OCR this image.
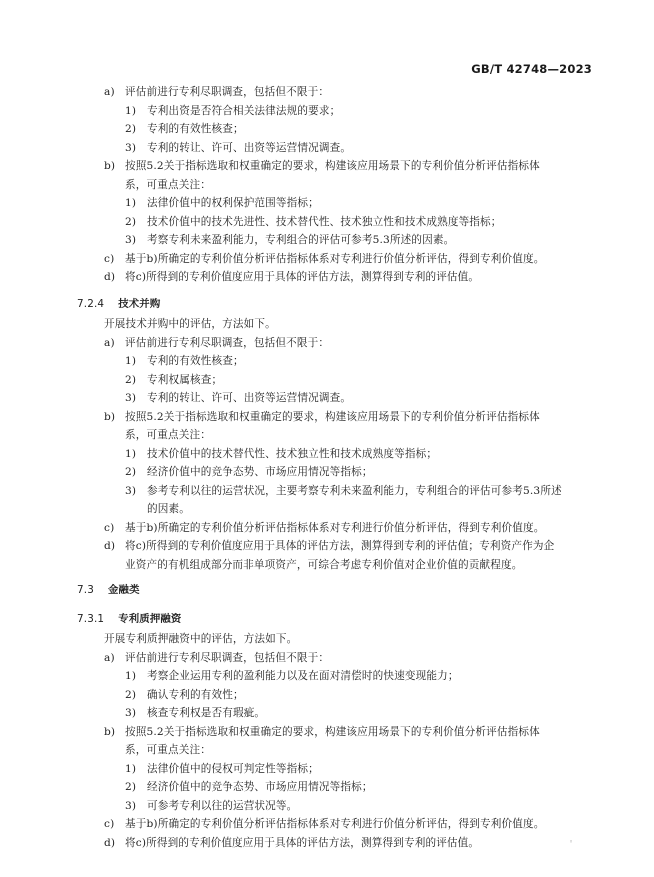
GB/T 42748—2023
a) 评估前进行专利尽职调查，包括但不限于：
1) 专利出资是否符合相关法律法规的要求；
2) 专利的有效性核查；
3) 专利的转让、许可、出资等运营情况调查。
b) 按照5.2关于指标选取和权重确定的要求，构建该应用场景下的专利价值分析评估指标体
系，可重点关注：
1) 法律价值中的权利保护范围等指标；
2) 技术价值中的技术先进性、技术替代性、技术独立性和技术成熟度等指标；
3) 考察专利未来盈利能力，专利组合的评估可参考5.3所述的因素。
c) 基于b)所确定的专利价值分析评估指标体系对专利进行价值分析评估，得到专利价值度。
d) 将c)所得到的专利价值度应用于具体的评估方法，测算得到专利的评估值。
7.2.4 技术并购
开展技术并购中的评估，方法如下。
a) 评估前进行专利尽职调查，包括但不限于：
1) 专利的有效性核查；
2) 专利权属核查；
3) 专利的转让、许可、出资等运营情况调查。
b) 按照5.2关于指标选取和权重确定的要求，构建该应用场景下的专利价值分析评估指标体
系，可重点关注：
1) 技术价值中的技术替代性、技术独立性和技术成熟度等指标；
2) 经济价值中的竞争态势、市场应用情况等指标；
3) 参考专利以往的运营状况，主要考察专利未来盈利能力，专利组合的评估可参考5.3所述
的因素。
c) 基于b)所确定的专利价值分析评估指标体系对专利进行价值分析评估，得到专利价值度。
d) 将c)所得到的专利价值度应用于具体的评估方法，测算得到专利的评估值；专利资产作为企
业资产的有机组成部分而非单项资产，可综合考虑专利价值对企业价值的贡献程度。
7.3 金融类
7.3.1 专利质押融资
开展专利质押融资中的评估，方法如下。
a) 评估前进行专利尽职调查，包括但不限于：
1) 考察企业运用专利的盈利能力以及在面对清偿时的快速变现能力；
2) 确认专利的有效性；
3) 核查专利权是否有瑕疵。
b) 按照5.2关于指标选取和权重确定的要求，构建该应用场景下的专利价值分析评估指标体
系，可重点关注：
1) 法律价值中的侵权可判定性等指标；
2) 经济价值中的竞争态势、市场应用情况等指标；
3) 可参考专利以往的运营状况等。
c) 基于b)所确定的专利价值分析评估指标体系对专利进行价值分析评估，得到专利价值度。
d) 将c)所得到的专利价值度应用于具体的评估方法，测算得到专利的评估值。	◦
